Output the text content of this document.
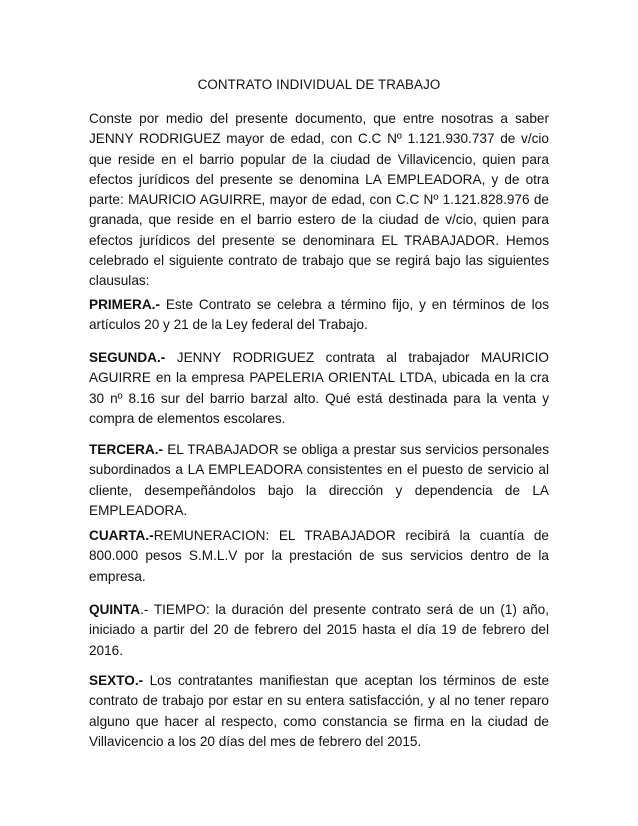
CONTRATO INDIVIDUAL DE TRABAJO

Conste por medio del presente documento, que entre nosotras a saber JENNY RODRIGUEZ mayor de edad, con C.C Nº 1.121.930.737 de v/cio que reside en el barrio popular de la ciudad de Villavicencio, quien para efectos jurídicos del presente se denomina LA EMPLEADORA, y de otra parte: MAURICIO AGUIRRE, mayor de edad, con C.C Nº 1.121.828.976 de granada, que reside en el barrio estero de la ciudad de v/cio, quien para efectos jurídicos del presente se denominara EL TRABAJADOR. Hemos celebrado el siguiente contrato de trabajo que se regirá bajo las siguientes clausulas:

PRIMERA.- Este Contrato se celebra a término fijo, y en términos de los artículos 20 y 21 de la Ley federal del Trabajo.

SEGUNDA.- JENNY RODRIGUEZ contrata al trabajador MAURICIO AGUIRRE en la empresa PAPELERIA ORIENTAL LTDA, ubicada en la cra 30 nº 8.16 sur del barrio barzal alto. Qué está destinada para la venta y compra de elementos escolares.

TERCERA.- EL TRABAJADOR se obliga a prestar sus servicios personales subordinados a LA EMPLEADORA consistentes en el puesto de servicio al cliente, desempeñándolos bajo la dirección y dependencia de LA EMPLEADORA.

CUARTA.-REMUNERACION: EL TRABAJADOR recibirá la cuantía de 800.000 pesos S.M.L.V por la prestación de sus servicios dentro de la empresa.

QUINTA.- TIEMPO: la duración del presente contrato será de un (1) año, iniciado a partir del 20 de febrero del 2015 hasta el día 19 de febrero del 2016.

SEXTO.- Los contratantes manifiestan que aceptan los términos de este contrato de trabajo por estar en su entera satisfacción, y al no tener reparo alguno que hacer al respecto, como constancia se firma en la ciudad de Villavicencio a los 20 días del mes de febrero del 2015.
